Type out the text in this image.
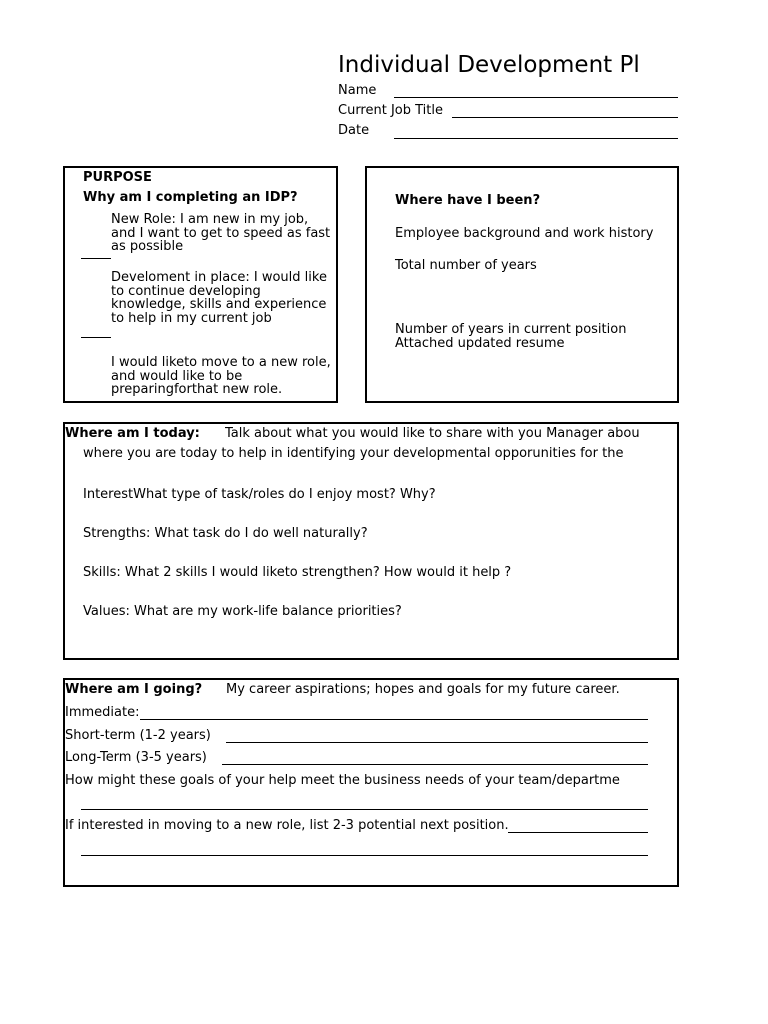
Individual Development Pl
Name
Current Job Title
Date
PURPOSE
Why am I completing an IDP?
New Role: I am new in my job, and I want to get to speed as fast as possible
Develoment in place: I would like to continue developing knowledge, skills and experience to help in my current job
I would liketo move to a new role, and would like to be preparingforthat new role.
Where have I been?
Employee background and work history
Total number of years
Number of years in current position
Attached updated resume
Where am I today: Talk about what you would like to share with you Manager abou
where you are today to help in identifying your developmental opporunities for the
InterestWhat type of task/roles do I enjoy most? Why?
Strengths: What task do I do well naturally?
Skills: What 2 skills I would liketo strengthen? How would it help ?
Values: What are my work-life balance priorities?
Where am I going? My career aspirations; hopes and goals for my future career.
Immediate:
Short-term (1-2 years)
Long-Term (3-5 years)
How might these goals of your help meet the business needs of your team/departme
If interested in moving to a new role, list 2-3 potential next position.
